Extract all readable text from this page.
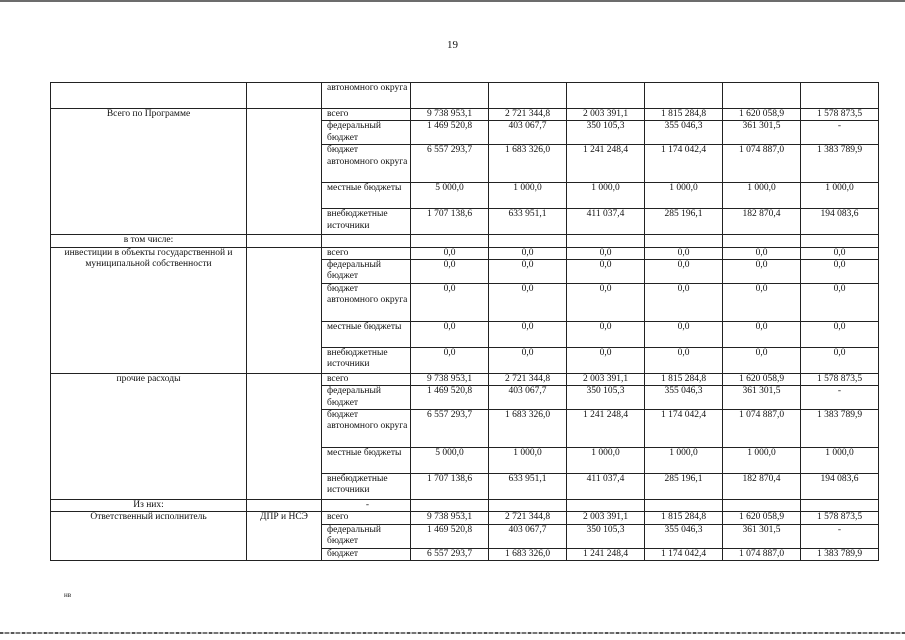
19
		автономного округа						
Всего по Программе		всего	9 738 953,1	2 721 344,8	2 003 391,1	1 815 284,8	1 620 058,9	1 578 873,5
		федеральный бюджет	1 469 520,8	403 067,7	350 105,3	355 046,3	361 301,5	-
		бюджет автономного округа	6 557 293,7	1 683 326,0	1 241 248,4	1 174 042,4	1 074 887,0	1 383 789,9
		местные бюджеты	5 000,0	1 000,0	1 000,0	1 000,0	1 000,0	1 000,0
		внебюджетные источники	1 707 138,6	633 951,1	411 037,4	285 196,1	182 870,4	194 083,6
в том числе:								
инвестиции в объекты государственной и муниципальной собственности		всего	0,0	0,0	0,0	0,0	0,0	0,0
		федеральный бюджет	0,0	0,0	0,0	0,0	0,0	0,0
		бюджет автономного округа	0,0	0,0	0,0	0,0	0,0	0,0
		местные бюджеты	0,0	0,0	0,0	0,0	0,0	0,0
		внебюджетные источники	0,0	0,0	0,0	0,0	0,0	0,0
прочие расходы		всего	9 738 953,1	2 721 344,8	2 003 391,1	1 815 284,8	1 620 058,9	1 578 873,5
		федеральный бюджет	1 469 520,8	403 067,7	350 105,3	355 046,3	361 301,5	-
		бюджет автономного округа	6 557 293,7	1 683 326,0	1 241 248,4	1 174 042,4	1 074 887,0	1 383 789,9
		местные бюджеты	5 000,0	1 000,0	1 000,0	1 000,0	1 000,0	1 000,0
		внебюджетные источники	1 707 138,6	633 951,1	411 037,4	285 196,1	182 870,4	194 083,6
Из них:		-						
Ответственный исполнитель	ДПР и НСЭ	всего	9 738 953,1	2 721 344,8	2 003 391,1	1 815 284,8	1 620 058,9	1 578 873,5
		федеральный бюджет	1 469 520,8	403 067,7	350 105,3	355 046,3	361 301,5	-
		бюджет	6 557 293,7	1 683 326,0	1 241 248,4	1 174 042,4	1 074 887,0	1 383 789,9
нв
